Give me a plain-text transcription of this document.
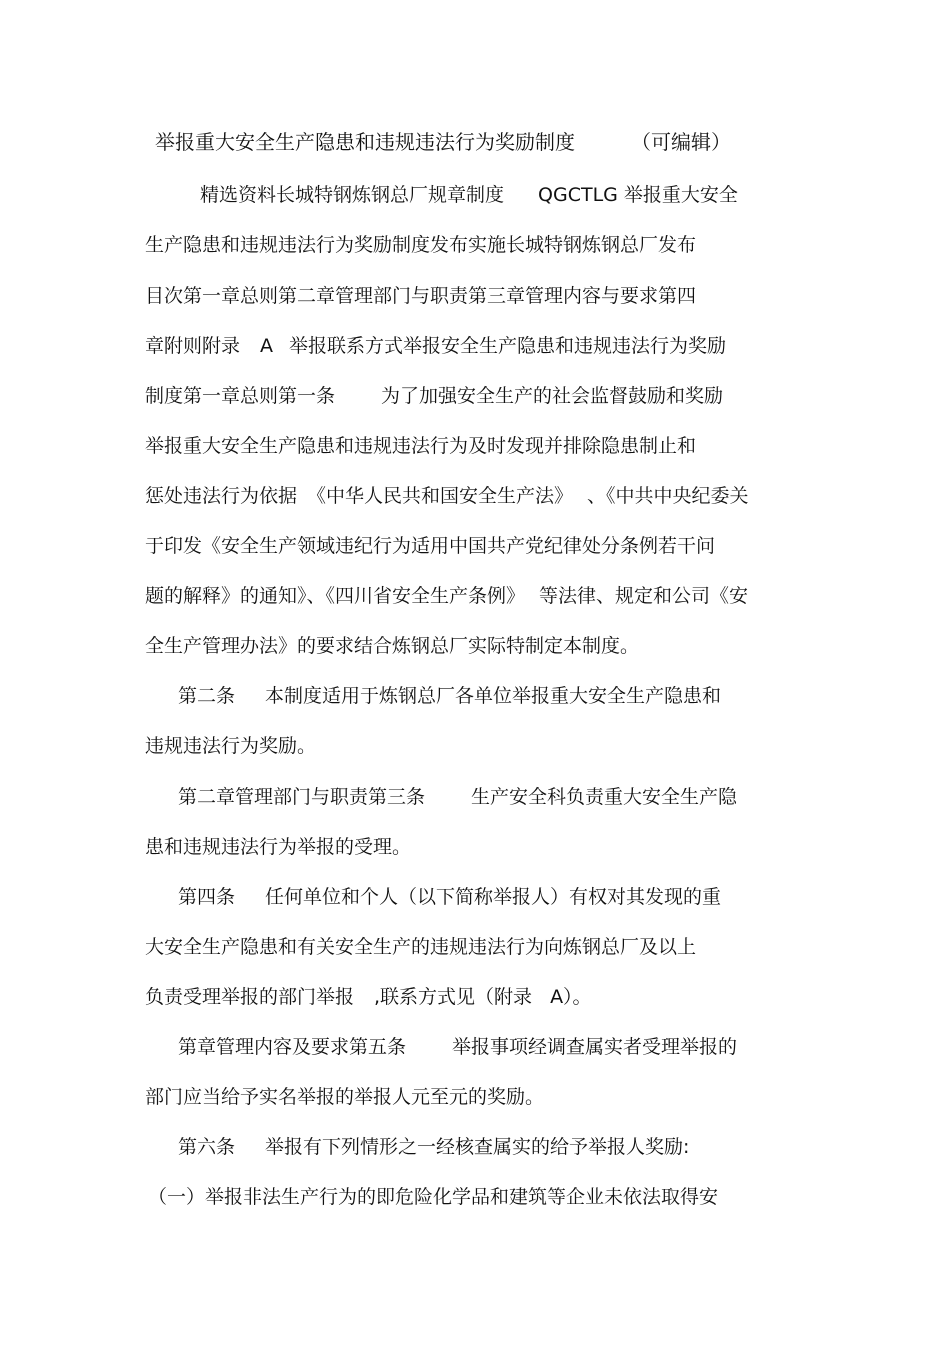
举报重大安全生产隐患和违规违法行为奖励制度	（可编辑）
精选资料长城特钢炼钢总厂规章制度 QGCTLG 举报重大安全
生产隐患和违规违法行为奖励制度发布实施长城特钢炼钢总厂发布
目次第一章总则第二章管理部门与职责第三章管理内容与要求第四
章附则附录 A 举报联系方式举报安全生产隐患和违规违法行为奖励
制度第一章总则第一条 为了加强安全生产的社会监督鼓励和奖励
举报重大安全生产隐患和违规违法行为及时发现并排除隐患制止和
惩处违法行为依据 《中华人民共和国安全生产法》 、《中共中央纪委关
于印发《安全生产领域违纪行为适用中国共产党纪律处分条例若干问
题的解释》的通知》、《四川省安全生产条例》 等法律、规定和公司《安
全生产管理办法》的要求结合炼钢总厂实际特制定本制度。
第二条 本制度适用于炼钢总厂各单位举报重大安全生产隐患和
违规违法行为奖励。
第二章管理部门与职责第三条 生产安全科负责重大安全生产隐
患和违规违法行为举报的受理。
第四条 任何单位和个人（以下简称举报人）有权对其发现的重
大安全生产隐患和有关安全生产的违规违法行为向炼钢总厂及以上
负责受理举报的部门举报 ,联系方式见（附录 A）。
第章管理内容及要求第五条 举报事项经调查属实者受理举报的
部门应当给予实名举报的举报人元至元的奖励。
第六条 举报有下列情形之一经核查属实的给予举报人奖励:
（一）举报非法生产行为的即危险化学品和建筑等企业未依法取得安
